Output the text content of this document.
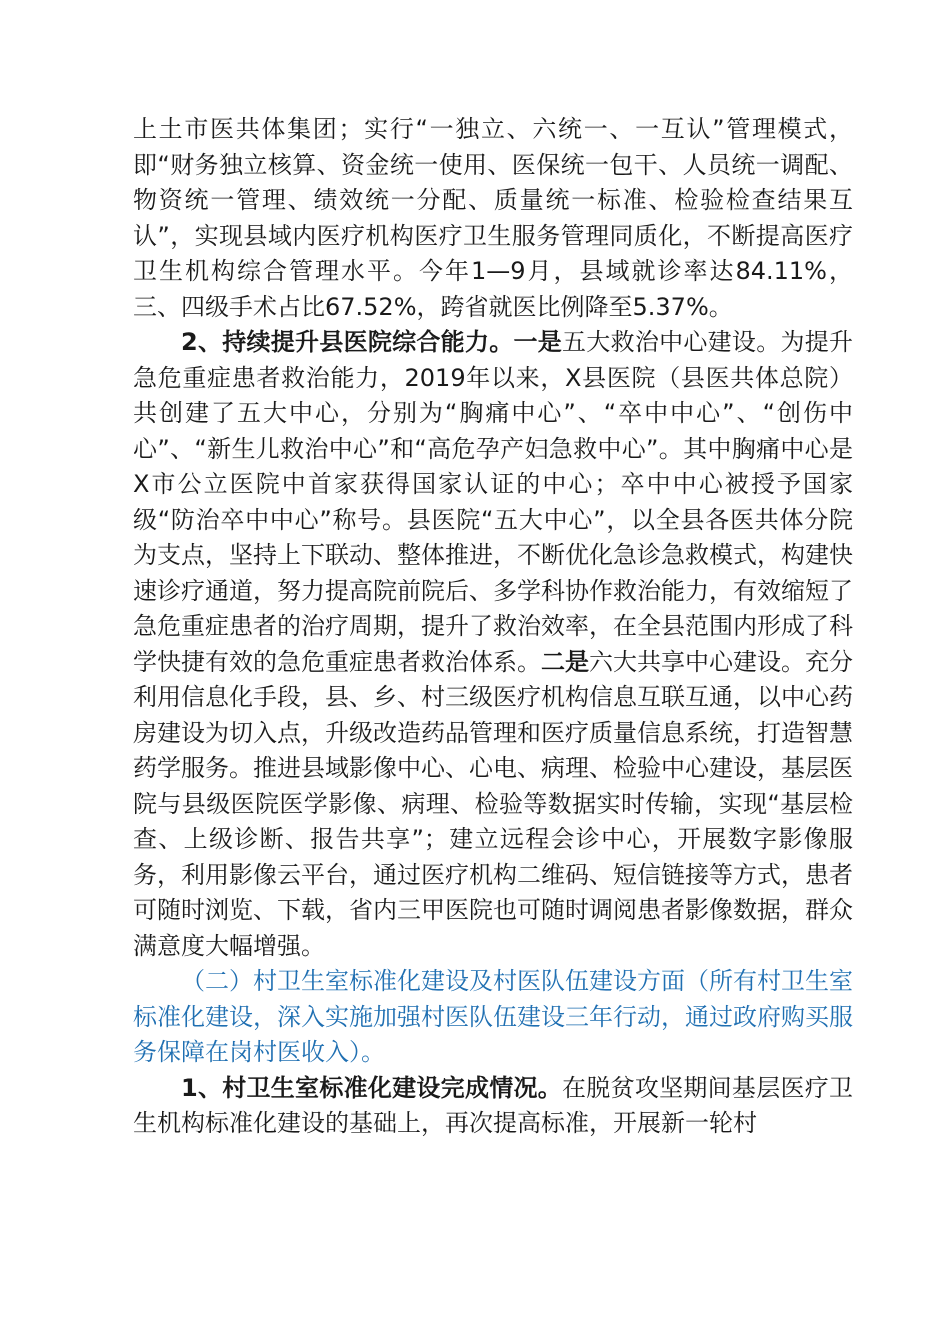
上土市医共体集团；实行“一独立、六统一、一互认”管理模式，即“财务独立核算、资金统一使用、医保统一包干、人员统一调配、物资统一管理、绩效统一分配、质量统一标准、检验检查结果互认”，实现县域内医疗机构医疗卫生服务管理同质化，不断提高医疗卫生机构综合管理水平。今年1—9月，县域就诊率达84.11%，三、四级手术占比67.52%，跨省就医比例降至5.37%。

2、持续提升县医院综合能力。一是五大救治中心建设。为提升急危重症患者救治能力，2019年以来，X县医院（县医共体总院）共创建了五大中心，分别为“胸痛中心”、“卒中中心”、“创伤中心”、“新生儿救治中心”和“高危孕产妇急救中心”。其中胸痛中心是X市公立医院中首家获得国家认证的中心；卒中中心被授予国家级“防治卒中中心”称号。县医院“五大中心”，以全县各医共体分院为支点，坚持上下联动、整体推进，不断优化急诊急救模式，构建快速诊疗通道，努力提高院前院后、多学科协作救治能力，有效缩短了急危重症患者的治疗周期，提升了救治效率，在全县范围内形成了科学快捷有效的急危重症患者救治体系。二是六大共享中心建设。充分利用信息化手段，县、乡、村三级医疗机构信息互联互通，以中心药房建设为切入点，升级改造药品管理和医疗质量信息系统，打造智慧药学服务。推进县域影像中心、心电、病理、检验中心建设，基层医院与县级医院医学影像、病理、检验等数据实时传输，实现“基层检查、上级诊断、报告共享”；建立远程会诊中心，开展数字影像服务，利用影像云平台，通过医疗机构二维码、短信链接等方式，患者可随时浏览、下载，省内三甲医院也可随时调阅患者影像数据，群众满意度大幅增强。

（二）村卫生室标准化建设及村医队伍建设方面（所有村卫生室标准化建设，深入实施加强村医队伍建设三年行动，通过政府购买服务保障在岗村医收入）。

1、村卫生室标准化建设完成情况。在脱贫攻坚期间基层医疗卫生机构标准化建设的基础上，再次提高标准，开展新一轮村
